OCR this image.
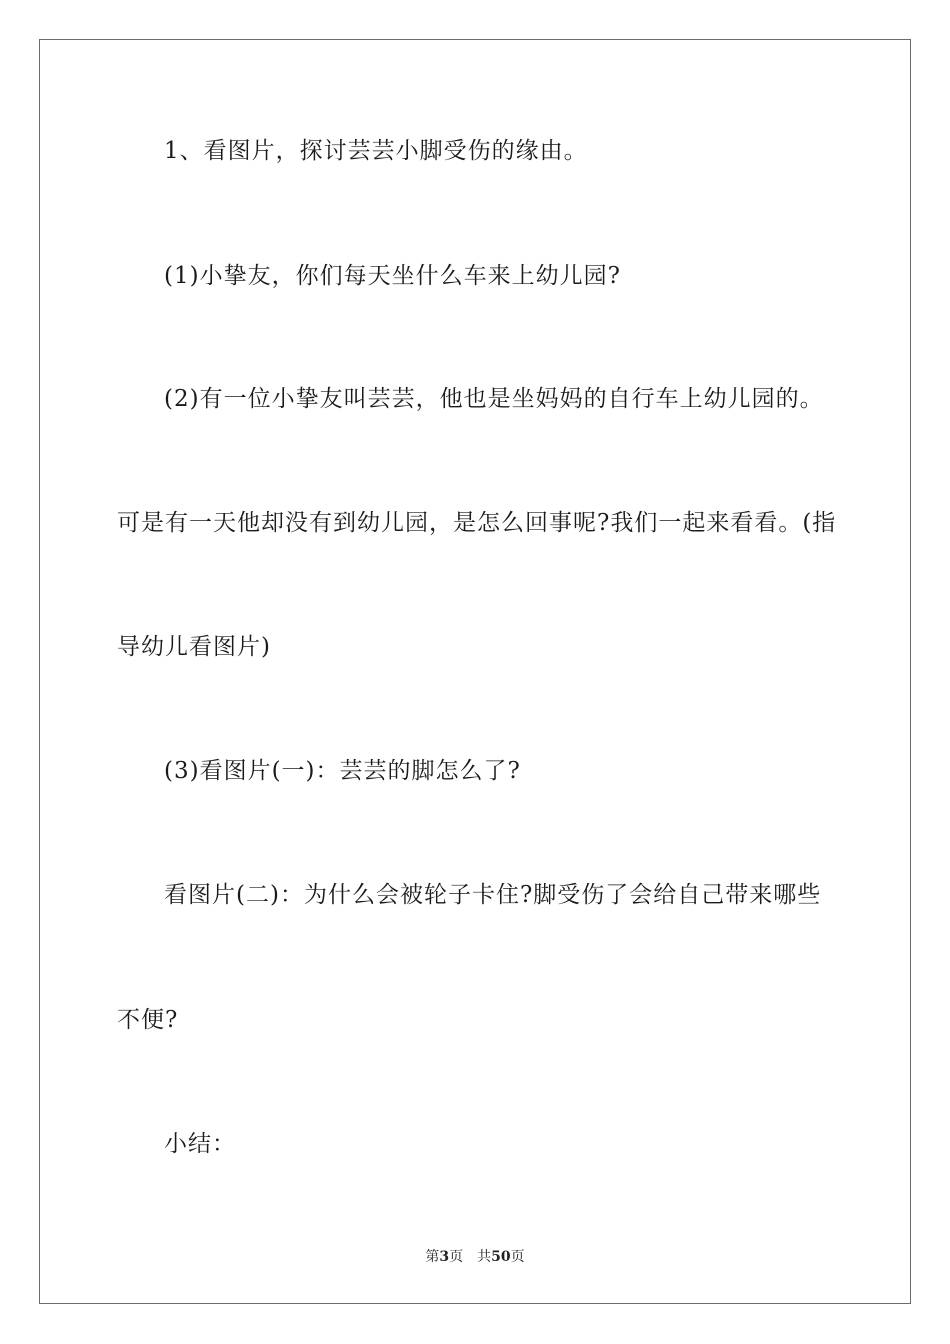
1、看图片，探讨芸芸小脚受伤的缘由。
(1)小挚友，你们每天坐什么车来上幼儿园?
(2)有一位小挚友叫芸芸，他也是坐妈妈的自行车上幼儿园的。
可是有一天他却没有到幼儿园，是怎么回事呢?我们一起来看看。(指
导幼儿看图片)
(3)看图片(一)：芸芸的脚怎么了?
看图片(二)：为什么会被轮子卡住?脚受伤了会给自己带来哪些
不便?
小结：
第3页 共50页
